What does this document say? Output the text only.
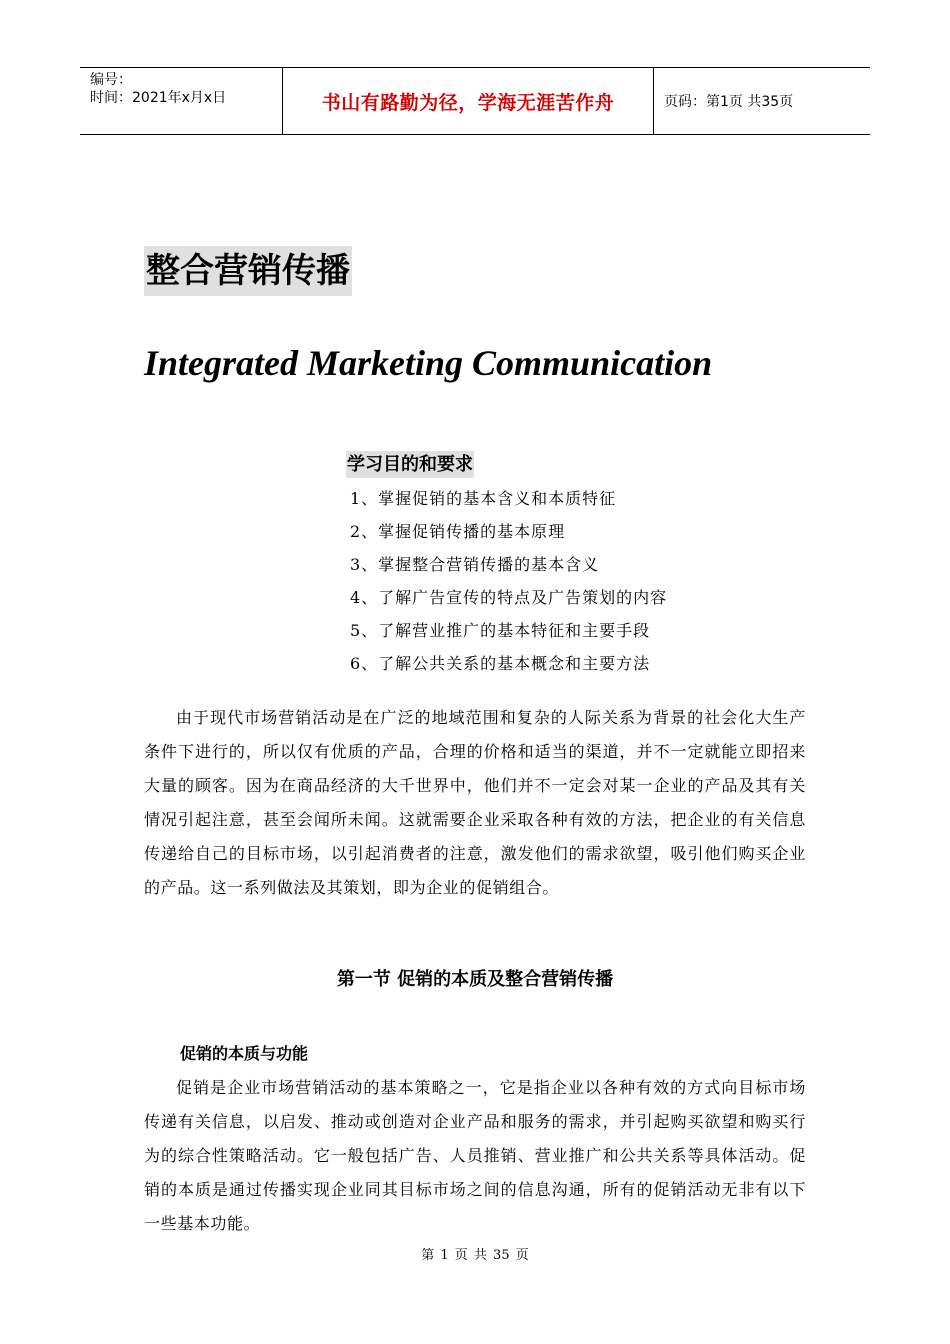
编号：
时间：2021年x月x日	书山有路勤为径，学海无涯苦作舟	页码：第1页 共35页
整合营销传播
Integrated Marketing Communication
学习目的和要求
1、掌握促销的基本含义和本质特征
2、掌握促销传播的基本原理
3、掌握整合营销传播的基本含义
4、了解广告宣传的特点及广告策划的内容
5、了解营业推广的基本特征和主要手段
6、了解公共关系的基本概念和主要方法

由于现代市场营销活动是在广泛的地域范围和复杂的人际关系为背景的社会化大生产条件下进行的，所以仅有优质的产品，合理的价格和适当的渠道，并不一定就能立即招来大量的顾客。因为在商品经济的大千世界中，他们并不一定会对某一企业的产品及其有关情况引起注意，甚至会闻所未闻。这就需要企业采取各种有效的方法，把企业的有关信息传递给自己的目标市场，以引起消费者的注意，激发他们的需求欲望，吸引他们购买企业的产品。这一系列做法及其策划，即为企业的促销组合。

第一节 促销的本质及整合营销传播
促销的本质与功能

促销是企业市场营销活动的基本策略之一，它是指企业以各种有效的方式向目标市场传递有关信息，以启发、推动或创造对企业产品和服务的需求，并引起购买欲望和购买行为的综合性策略活动。它一般包括广告、人员推销、营业推广和公共关系等具体活动。促销的本质是通过传播实现企业同其目标市场之间的信息沟通，所有的促销活动无非有以下一些基本功能。

第 1 页 共 35 页
